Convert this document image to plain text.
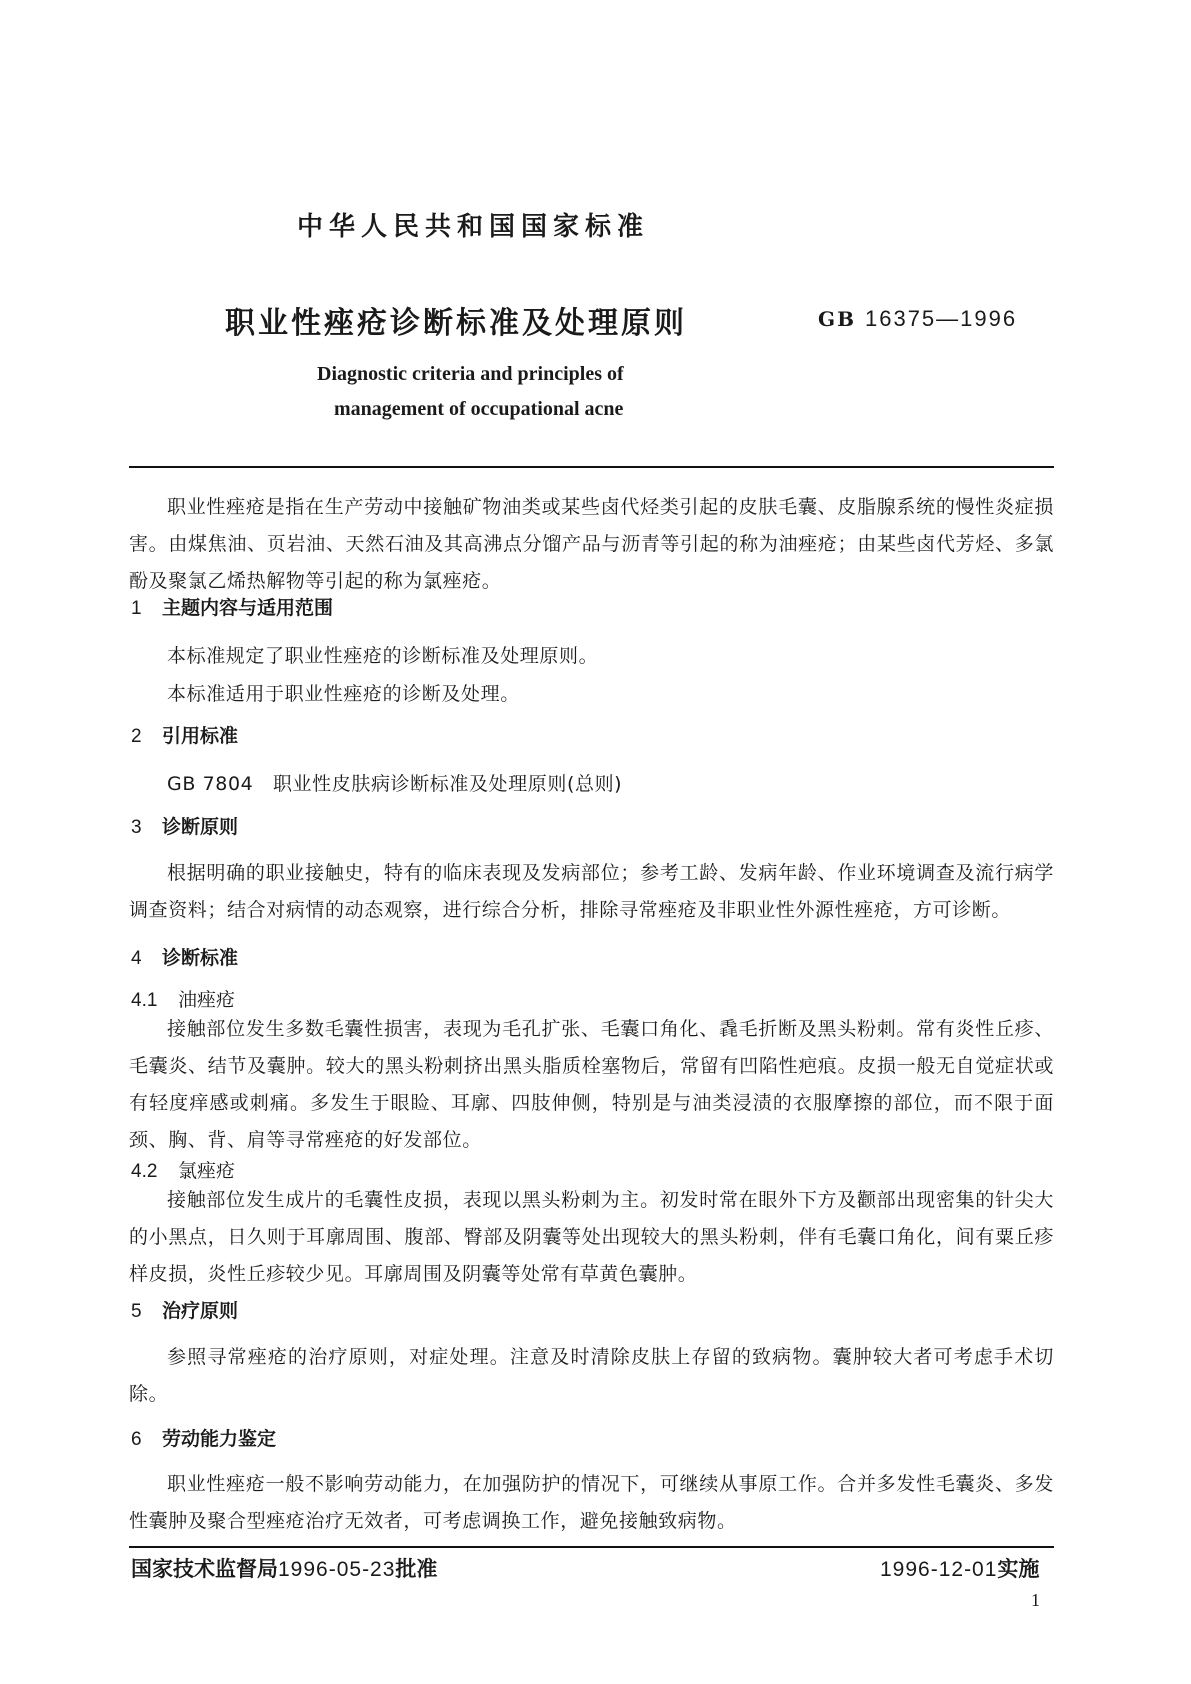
中华人民共和国国家标准
职业性痤疮诊断标准及处理原则	GB 16375—1996
Diagnostic criteria and principles of
management of occupational acne
职业性痤疮是指在生产劳动中接触矿物油类或某些卤代烃类引起的皮肤毛囊、皮脂腺系统的慢性炎症损害。由煤焦油、页岩油、天然石油及其高沸点分馏产品与沥青等引起的称为油痤疮；由某些卤代芳烃、多氯酚及聚氯乙烯热解物等引起的称为氯痤疮。
1 主题内容与适用范围
本标准规定了职业性痤疮的诊断标准及处理原则。
本标准适用于职业性痤疮的诊断及处理。
2 引用标准
GB 7804　职业性皮肤病诊断标准及处理原则(总则)
3 诊断原则
根据明确的职业接触史，特有的临床表现及发病部位；参考工龄、发病年龄、作业环境调查及流行病学调查资料；结合对病情的动态观察，进行综合分析，排除寻常痤疮及非职业性外源性痤疮，方可诊断。
4 诊断标准
4.1 油痤疮
接触部位发生多数毛囊性损害，表现为毛孔扩张、毛囊口角化、毳毛折断及黑头粉刺。常有炎性丘疹、毛囊炎、结节及囊肿。较大的黑头粉刺挤出黑头脂质栓塞物后，常留有凹陷性疤痕。皮损一般无自觉症状或有轻度痒感或刺痛。多发生于眼睑、耳廓、四肢伸侧，特别是与油类浸渍的衣服摩擦的部位，而不限于面颈、胸、背、肩等寻常痤疮的好发部位。
4.2 氯痤疮
接触部位发生成片的毛囊性皮损，表现以黑头粉刺为主。初发时常在眼外下方及颧部出现密集的针尖大的小黑点，日久则于耳廓周围、腹部、臀部及阴囊等处出现较大的黑头粉刺，伴有毛囊口角化，间有粟丘疹样皮损，炎性丘疹较少见。耳廓周围及阴囊等处常有草黄色囊肿。
5 治疗原则
参照寻常痤疮的治疗原则，对症处理。注意及时清除皮肤上存留的致病物。囊肿较大者可考虑手术切除。
6 劳动能力鉴定
职业性痤疮一般不影响劳动能力，在加强防护的情况下，可继续从事原工作。合并多发性毛囊炎、多发性囊肿及聚合型痤疮治疗无效者，可考虑调换工作，避免接触致病物。
国家技术监督局1996-05-23批准	1996-12-01实施
1
